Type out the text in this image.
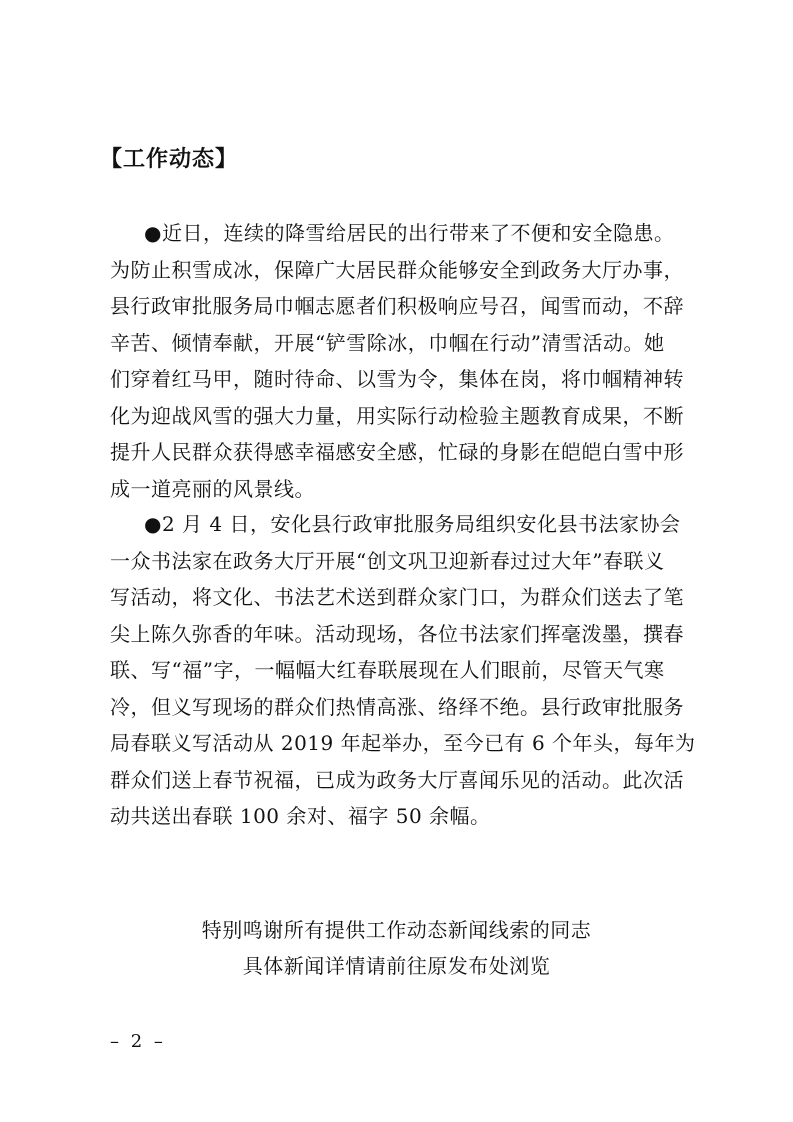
【工作动态】
●近日，连续的降雪给居民的出行带来了不便和安全隐患。
为防止积雪成冰，保障广大居民群众能够安全到政务大厅办事，
县行政审批服务局巾帼志愿者们积极响应号召，闻雪而动，不辞
辛苦、倾情奉献，开展“铲雪除冰，巾帼在行动”清雪活动。她
们穿着红马甲，随时待命、以雪为令，集体在岗，将巾帼精神转
化为迎战风雪的强大力量，用实际行动检验主题教育成果，不断
提升人民群众获得感幸福感安全感，忙碌的身影在皑皑白雪中形
成一道亮丽的风景线。
●2 月 4 日，安化县行政审批服务局组织安化县书法家协会
一众书法家在政务大厅开展“创文巩卫迎新春过过大年”春联义
写活动，将文化、书法艺术送到群众家门口，为群众们送去了笔
尖上陈久弥香的年味。活动现场，各位书法家们挥毫泼墨，撰春
联、写“福”字，一幅幅大红春联展现在人们眼前，尽管天气寒
冷，但义写现场的群众们热情高涨、络绎不绝。县行政审批服务
局春联义写活动从 2019 年起举办，至今已有 6 个年头，每年为
群众们送上春节祝福，已成为政务大厅喜闻乐见的活动。此次活
动共送出春联 100 余对、福字 50 余幅。
特别鸣谢所有提供工作动态新闻线索的同志
具体新闻详情请前往原发布处浏览
– 2 –
